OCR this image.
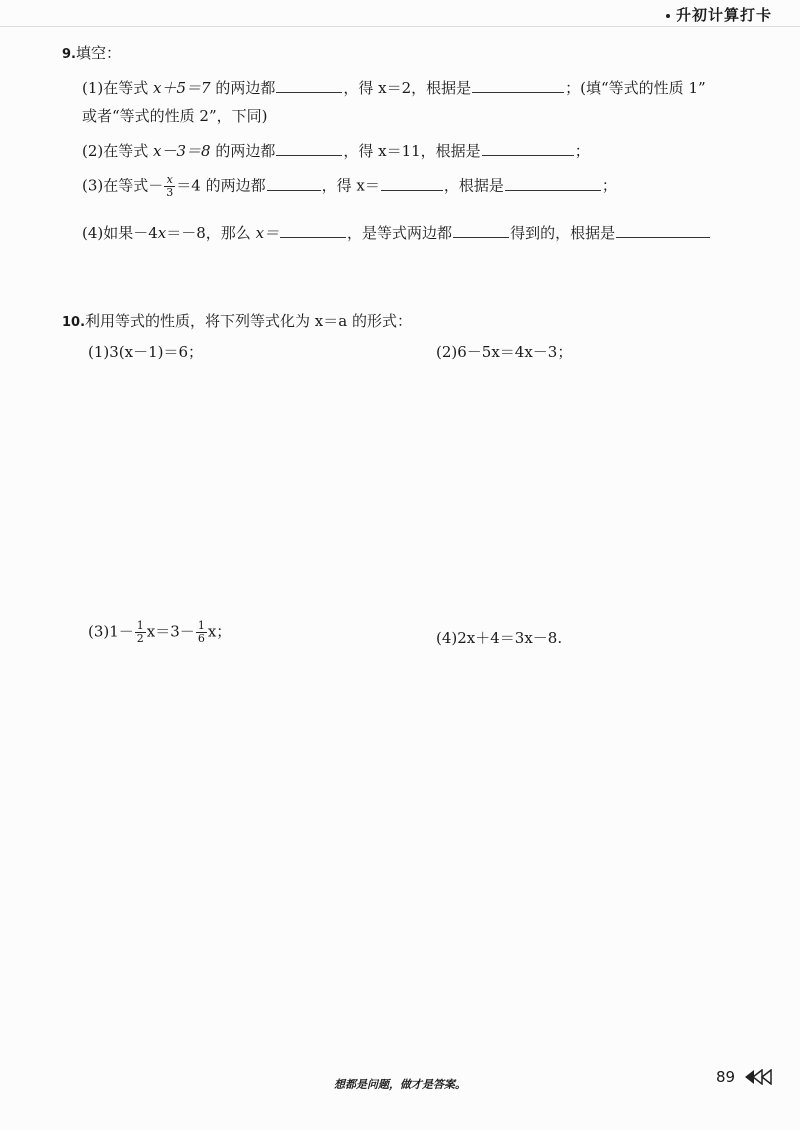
升初计算打卡
9.填空：
(1)在等式 x＋5＝7 的两边都	，得 x＝2，根据是	；(填“等式的性质 1”
或者“等式的性质 2”，下同)
(2)在等式 x－3＝8 的两边都	，得 x＝11，根据是	；
(3)在等式－ $\frac{x}{3} =4$ 的两边都	，得 x＝	，根据是	；
(4)如果－4x＝－8，那么 x＝	，是等式两边都	得到的，根据是
10.利用等式的性质，将下列等式化为 x＝a 的形式：
(1)3(x－1)＝6；	(2)6－5x＝4x－3；
$(3)1- \frac{1}{2} x=3- \frac{1}{6}$ x；	(4)2x＋4＝3x－8.
想都是问题，做才是答案。	89
